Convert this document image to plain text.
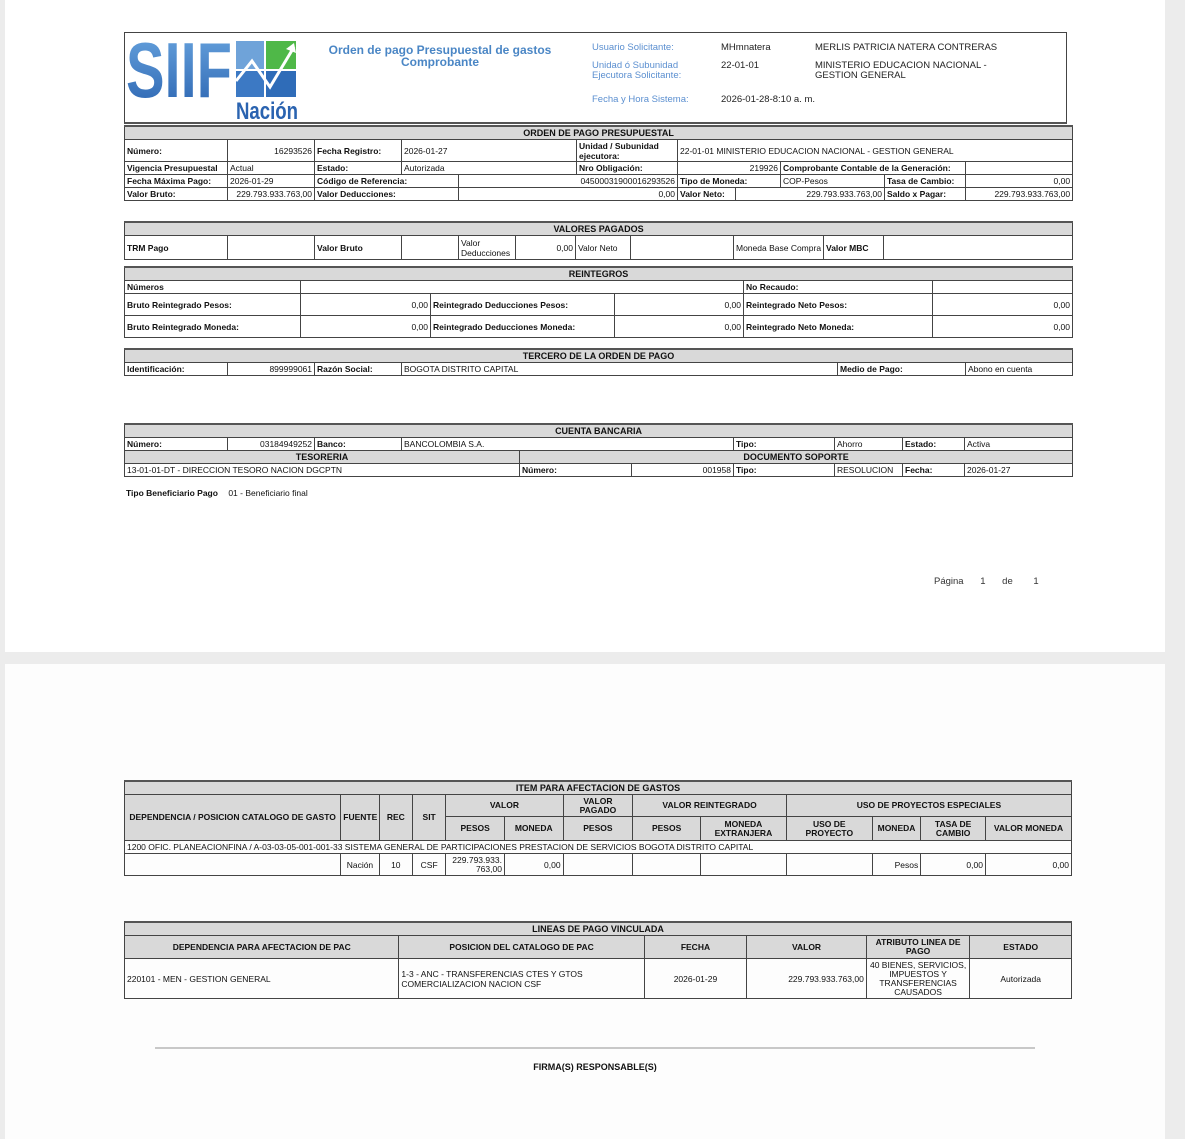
SIIF Nación
Orden de pago Presupuestal de gastos
Comprobante
Usuario Solicitante:	MHmnatera	MERLIS PATRICIA NATERA CONTRERAS
Unidad ó Subunidad
Ejecutora Solicitante:
22-01-01	MINISTERIO EDUCACION NACIONAL -
GESTION GENERAL
Fecha y Hora Sistema:	2026-01-28-8:10 a. m.
ORDEN DE PAGO PRESUPUESTAL										
Número:	16293526	Fecha Registro:	2026-01-27		Unidad / Subunidad ejecutora:	22-01-01 MINISTERIO EDUCACION NACIONAL - GESTION GENERAL				
Vigencia Presupuestal	Actual	Estado:	Autorizada		Nro Obligación:	219926		Comprobante Contable de la Generación:		
Fecha Máxima Pago:	2026-01-29	Código de Referencia:		04500031900016293526		Tipo de Moneda:		COP-Pesos	Tasa de Cambio:	0,00
Valor Bruto:	229.793.933.763,00	Valor Deducciones:		0,00		Valor Neto:	229.793.933.763,00		Saldo x Pagar:	229.793.933.763,00
VALORES PAGADOS
TRM Pago		Valor Bruto		Valor Deducciones	0,00	Valor Neto		Moneda Base Compra	Valor MBC	
REINTEGROS					
Números				No Recaudo:	
Bruto Reintegrado Pesos:	0,00	Reintegrado Deducciones Pesos:	0,00	Reintegrado Neto Pesos:	0,00
Bruto Reintegrado Moneda:	0,00	Reintegrado Deducciones Moneda:	0,00	Reintegrado Neto Moneda:	0,00
TERCERO DE LA ORDEN DE PAGO
Identificación:	899999061	Razón Social:	BOGOTA DISTRITO CAPITAL	Medio de Pago:	Abono en cuenta
CUENTA BANCARIA									
Número:	03184949252	Banco:	BANCOLOMBIA S.A.			Tipo:	Ahorro	Estado:	Activa
TESORERIA				DOCUMENTO SOPORTE					
13-01-01-DT - DIRECCION TESORO NACION DGCPTN				Número:	001958	Tipo:	RESOLUCION	Fecha:	2026-01-27
Tipo Beneficiario Pago 01 - Beneficiario final
Página 1 de 1
ITEM PARA AFECTACION DE GASTOS												
DEPENDENCIA / POSICION CATALOGO DE GASTO	FUENTE	REC	SIT	VALOR		VALOR PAGADO	VALOR REINTEGRADO		USO DE PROYECTOS ESPECIALES			
				PESOS	MONEDA	PESOS	PESOS	MONEDA EXTRANJERA	USO DE PROYECTO	MONEDA	TASA DE CAMBIO	VALOR MONEDA
1200 OFIC. PLANEACIONFINA / A-03-03-05-001-001-33 SISTEMA GENERAL DE PARTICIPACIONES PRESTACION DE SERVICIOS BOGOTA DISTRITO CAPITAL												
	Nación	10	CSF	229.793.933.763,00	0,00					Pesos	0,00	0,00
LINEAS DE PAGO VINCULADA					
DEPENDENCIA PARA AFECTACION DE PAC	POSICION DEL CATALOGO DE PAC	FECHA	VALOR	ATRIBUTO LINEA DE PAGO	ESTADO
220101 - MEN - GESTION GENERAL	1-3 - ANC - TRANSFERENCIAS CTES Y GTOS COMERCIALIZACION NACION CSF	2026-01-29	229.793.933.763,00	40 BIENES, SERVICIOS, IMPUESTOS Y TRANSFERENCIAS CAUSADOS	Autorizada
FIRMA(S) RESPONSABLE(S)
